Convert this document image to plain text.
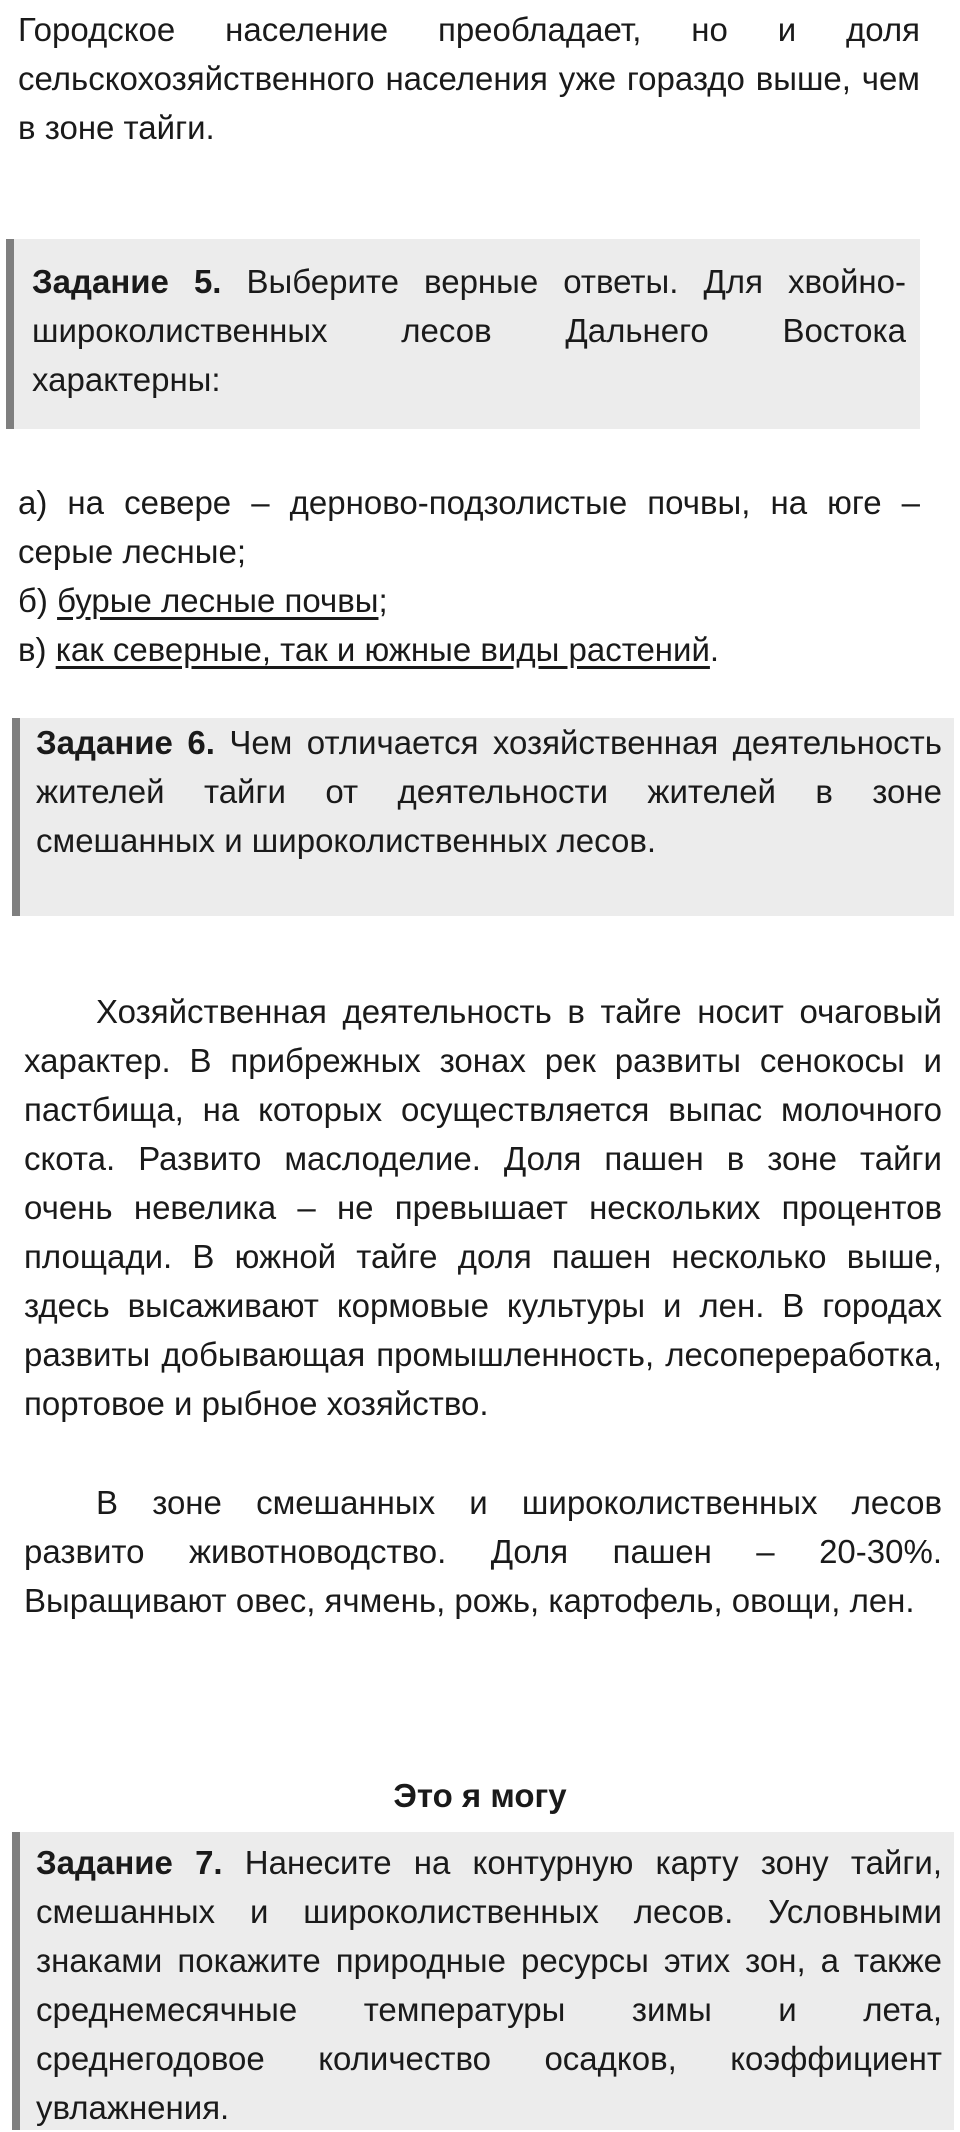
Городское население преобладает, но и доля сельскохозяйственного населения уже гораздо выше, чем в зоне тайги.

Задание 5. Выберите верные ответы. Для хвойно-широколиственных лесов Дальнего Востока характерны:

а) на севере – дерново-подзолистые почвы, на юге – серые лесные;

б) бурые лесные почвы;

в) как северные, так и южные виды растений.

Задание 6. Чем отличается хозяйственная деятельность жителей тайги от деятельности жителей в зоне смешанных и широколиственных лесов.

Хозяйственная деятельность в тайге носит очаговый характер. В прибрежных зонах рек развиты сенокосы и пастбища, на которых осуществляется выпас молочного скота. Развито маслоделие. Доля пашен в зоне тайги очень невелика – не превышает нескольких процентов площади. В южной тайге доля пашен несколько выше, здесь высаживают кормовые культуры и лен. В городах развиты добывающая промышленность, лесопереработка, портовое и рыбное хозяйство.

В зоне смешанных и широколиственных лесов развито животноводство. Доля пашен – 20-30%. Выращивают овес, ячмень, рожь, картофель, овощи, лен.

Это я могу

Задание 7. Нанесите на контурную карту зону тайги, смешанных и широколиственных лесов. Условными знаками покажите природные ресурсы этих зон, а также среднемесячные температуры зимы и лета, среднегодовое количество осадков, коэффициент увлажнения.
